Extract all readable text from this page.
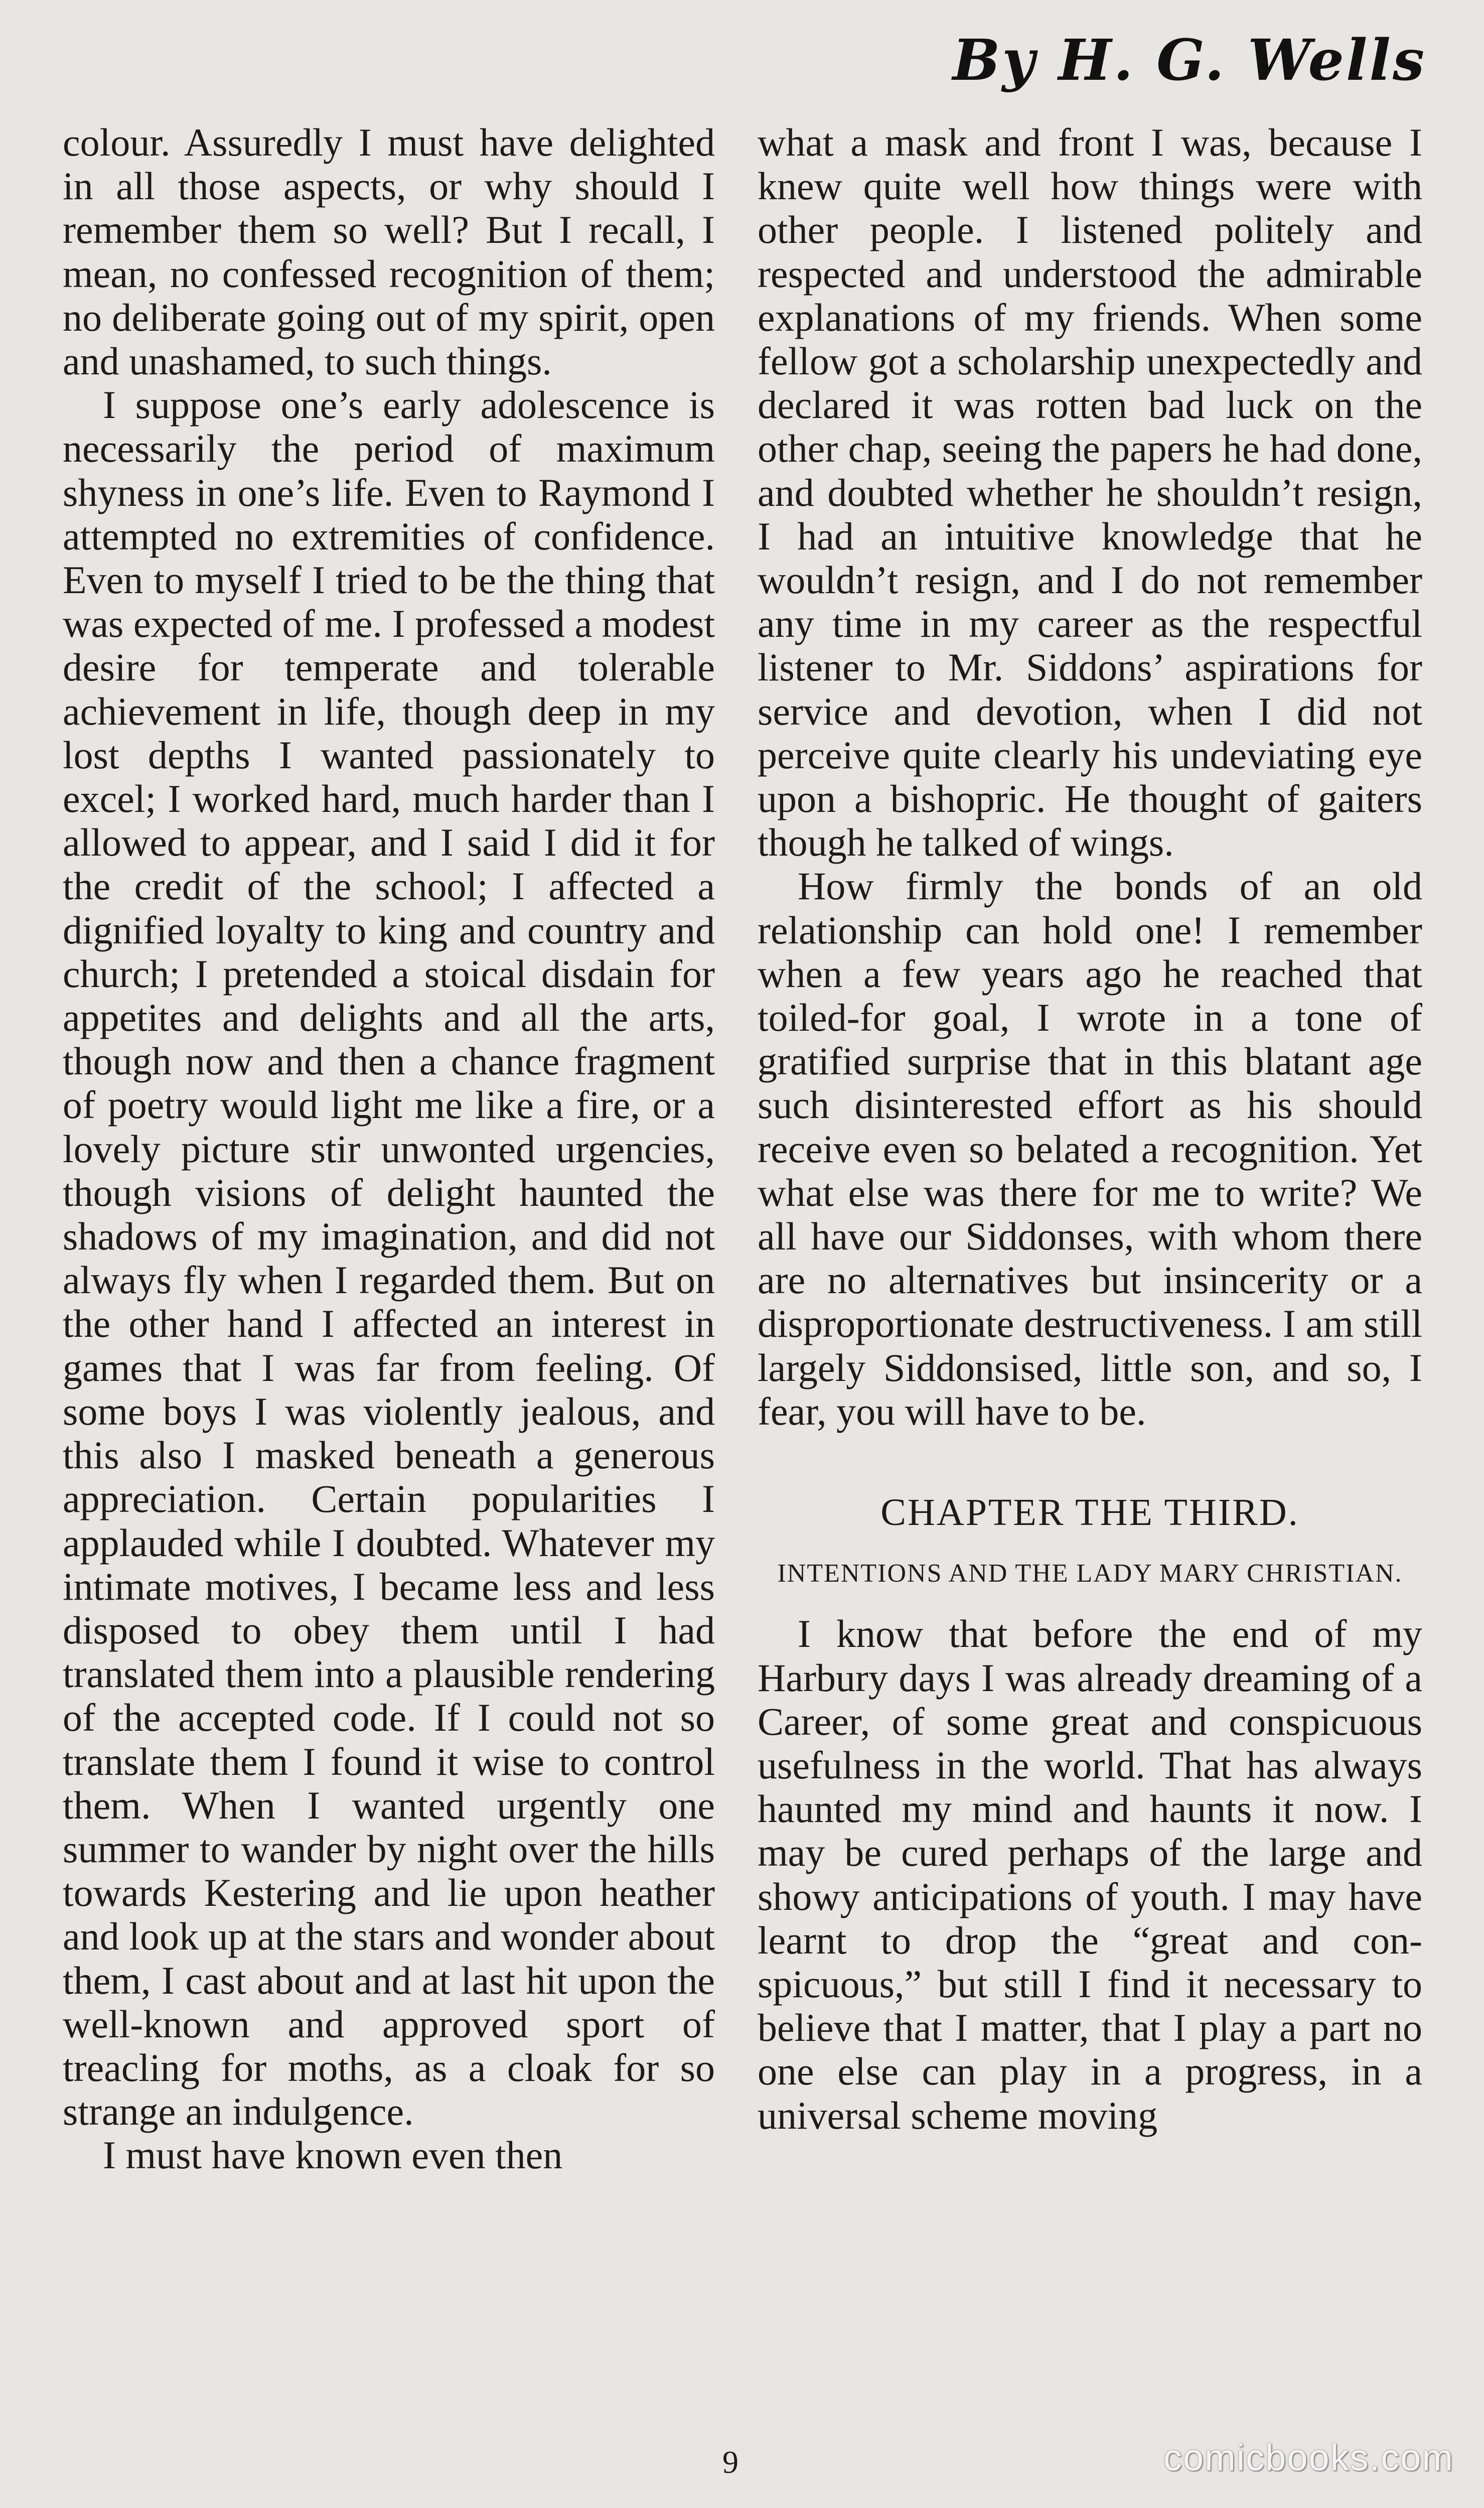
By H. G. Wells

colour. Assuredly I must have delighted in all those aspects, or why should I remember them so well? But I recall, I mean, no confessed recognition of them; no deliberate going out of my spirit, open and unashamed, to such things.

I suppose one’s early adolescence is necessarily the period of maximum shyness in one’s life. Even to Raymond I attempted no extremities of confidence. Even to myself I tried to be the thing that was expected of me. I professed a modest desire for temperate and tolerable achievement in life, though deep in my lost depths I wanted passionately to excel; I worked hard, much harder than I allowed to appear, and I said I did it for the credit of the school; I affected a dignified loyalty to king and country and church; I pretended a stoical disdain for appetites and delights and all the arts, though now and then a chance fragment of poetry would light me like a fire, or a lovely picture stir unwonted urgencies, though visions of delight haunted the shadows of my imagination, and did not always fly when I regarded them. But on the other hand I affected an interest in games that I was far from feeling. Of some boys I was violently jealous, and this also I masked beneath a generous appreciation. Certain popularities I applauded while I doubted. Whatever my intimate motives, I became less and less disposed to obey them until I had translated them into a plausible rendering of the accepted code. If I could not so translate them I found it wise to control them. When I wanted urgently one summer to wander by night over the hills towards Kestering and lie upon heather and look up at the stars and wonder about them, I cast about and at last hit upon the well-known and approved sport of treacling for moths, as a cloak for so strange an indulgence.

I must have known even then

what a mask and front I was, because I knew quite well how things were with other people. I listened politely and respected and understood the admirable explanations of my friends. When some fellow got a scholarship unexpectedly and declared it was rotten bad luck on the other chap, seeing the papers he had done, and doubted whether he shouldn’t resign, I had an intuitive knowledge that he wouldn’t resign, and I do not remember any time in my career as the respectful listener to Mr. Siddons’ aspirations for service and devotion, when I did not perceive quite clearly his undeviating eye upon a bishopric. He thought of gaiters though he talked of wings.

How firmly the bonds of an old relationship can hold one! I remember when a few years ago he reached that toiled-for goal, I wrote in a tone of gratified surprise that in this blatant age such disinterested effort as his should receive even so belated a recognition. Yet what else was there for me to write? We all have our Siddonses, with whom there are no alternatives but insincerity or a disproportionate destructiveness. I am still largely Siddonsised, little son, and so, I fear, you will have to be.

CHAPTER THE THIRD.
INTENTIONS AND THE LADY MARY CHRISTIAN.

I know that before the end of my Harbury days I was already dreaming of a Career, of some great and conspicuous usefulness in the world. That has always haunted my mind and haunts it now. I may be cured perhaps of the large and showy anticipations of youth. I may have learnt to drop the “great and conspicuous,” but still I find it necessary to believe that I matter, that I play a part no one else can play in a progress, in a universal scheme moving

9	comicbooks.com
